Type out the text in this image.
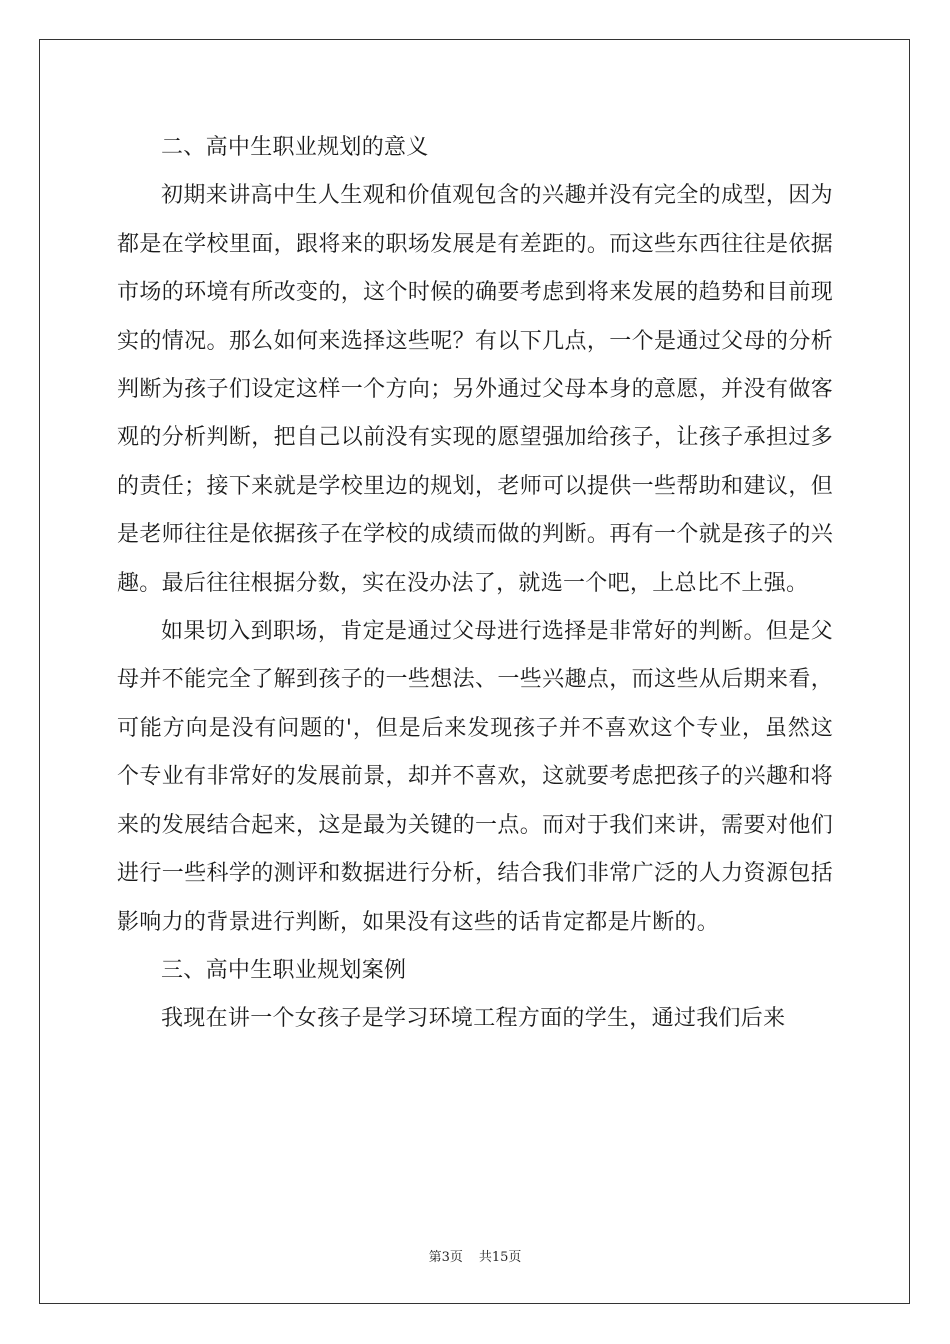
二、高中生职业规划的意义

初期来讲高中生人生观和价值观包含的兴趣并没有完全的成型，因为都是在学校里面，跟将来的职场发展是有差距的。而这些东西往往是依据市场的环境有所改变的，这个时候的确要考虑到将来发展的趋势和目前现实的情况。那么如何来选择这些呢？有以下几点，一个是通过父母的分析判断为孩子们设定这样一个方向；另外通过父母本身的意愿，并没有做客观的分析判断，把自己以前没有实现的愿望强加给孩子，让孩子承担过多的责任；接下来就是学校里边的规划，老师可以提供一些帮助和建议，但是老师往往是依据孩子在学校的成绩而做的判断。再有一个就是孩子的兴趣。最后往往根据分数，实在没办法了，就选一个吧，上总比不上强。

如果切入到职场，肯定是通过父母进行选择是非常好的判断。但是父母并不能完全了解到孩子的一些想法、一些兴趣点，而这些从后期来看，可能方向是没有问题的'，但是后来发现孩子并不喜欢这个专业，虽然这个专业有非常好的发展前景，却并不喜欢，这就要考虑把孩子的兴趣和将来的发展结合起来，这是最为关键的一点。而对于我们来讲，需要对他们进行一些科学的测评和数据进行分析，结合我们非常广泛的人力资源包括影响力的背景进行判断，如果没有这些的话肯定都是片断的。

三、高中生职业规划案例

我现在讲一个女孩子是学习环境工程方面的学生，通过我们后来

第3页 共15页
